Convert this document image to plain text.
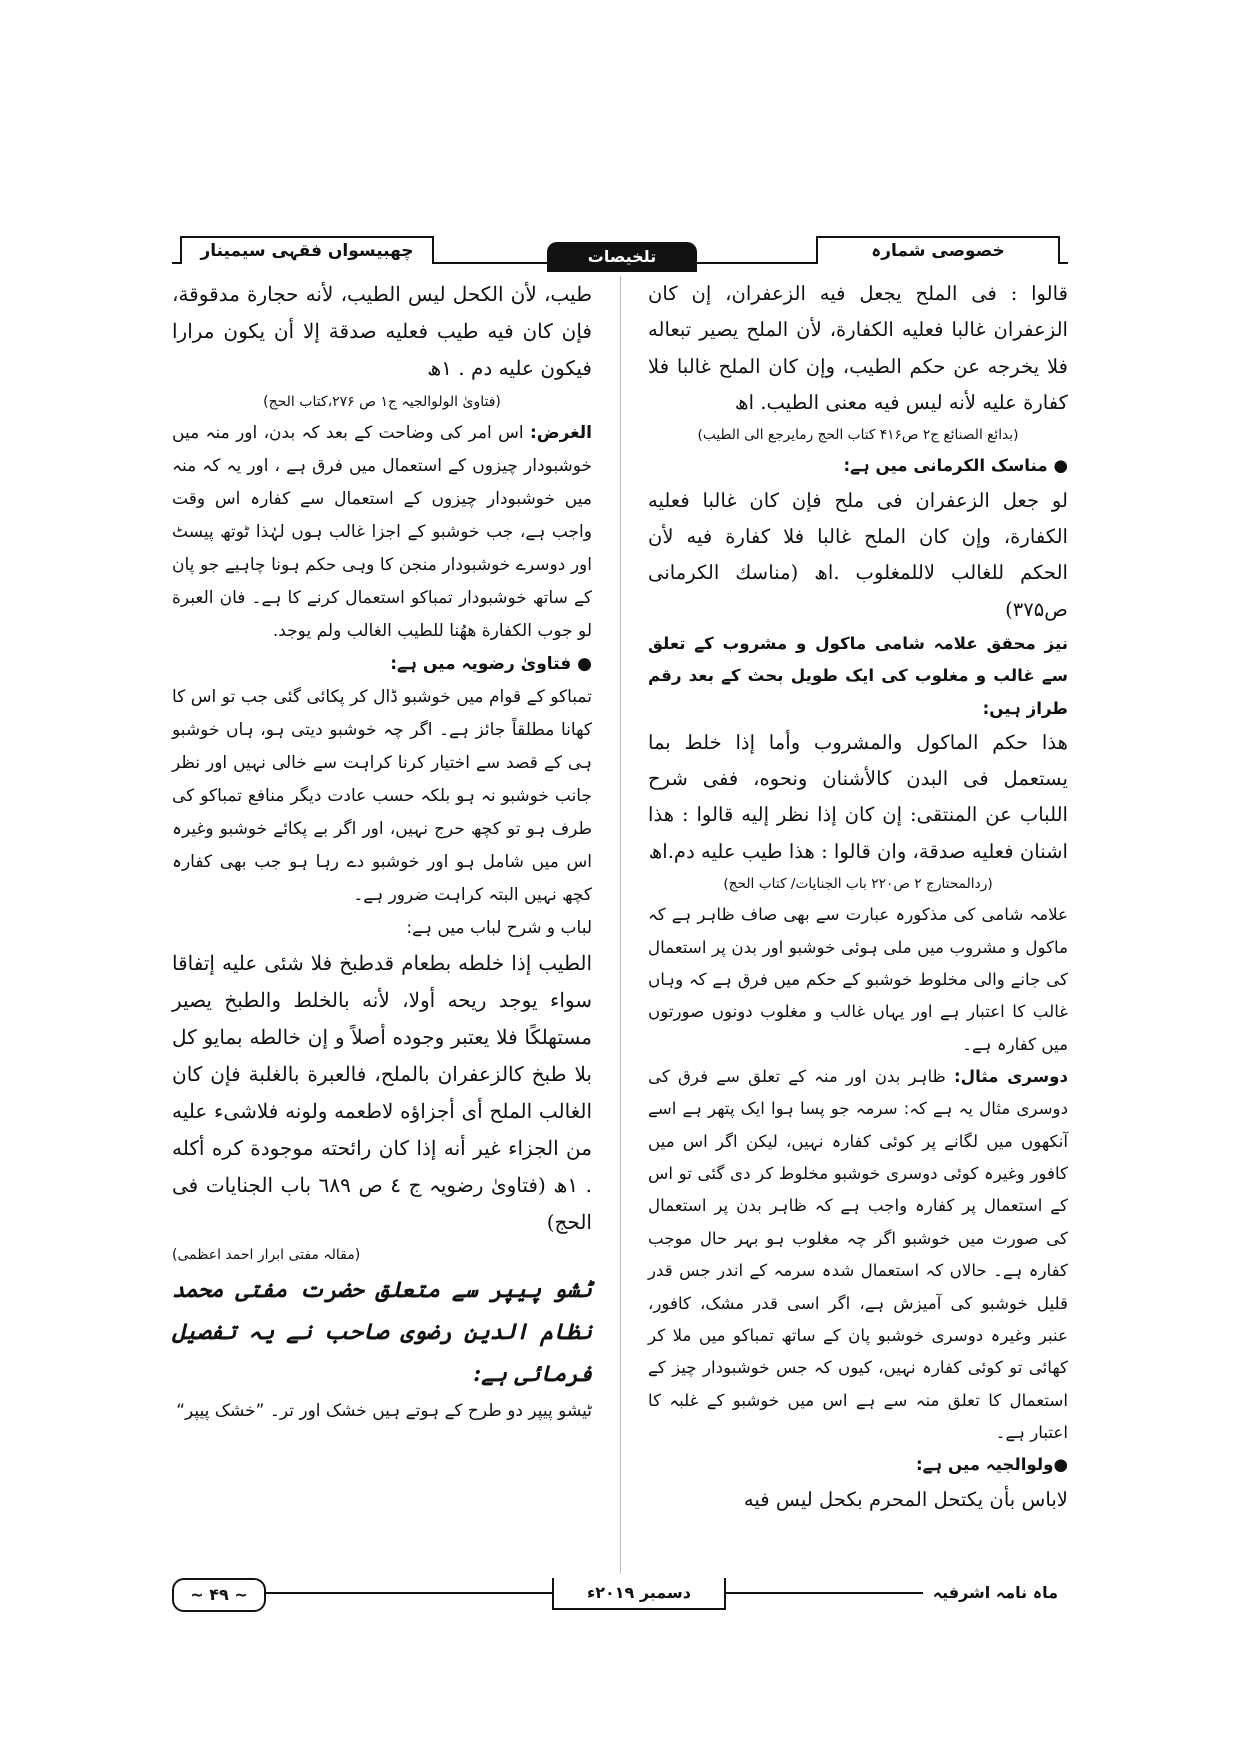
خصوصی شمارہ
تلخیصات
چھبیسواں فقہی سیمینار

قالوا : فی الملح یجعل فیه الزعفران، إن كان الزعفران غالبا فعلیه الكفارة، لأن الملح یصیر تبعاله فلا یخرجه عن حكم الطیب، وإن كان الملح غالبا فلا كفارة علیه لأنه لیس فیه معنی الطیب. اھ

(بدائع الصنائع ج۲ ص۴۱۶ كتاب الحج رمايرجع الى الطيب)

● مناسک الکرمانی میں ہے:

لو جعل الزعفران فی ملح فإن كان غالبا فعلیه الكفارة، وإن كان الملح غالبا فلا كفارة فیه لأن الحكم للغالب لاللمغلوب .اھ (مناسك الكرمانی ص۳۷۵)

نیز محقق علامہ شامی ماکول و مشروب کے تعلق سے غالب و مغلوب کی ایک طویل بحث کے بعد رقم طراز ہیں:

هذا حكم الماكول والمشروب وأما إذا خلط بما یستعمل فی البدن كالأشنان ونحوه، ففی شرح اللباب عن المنتقی: إن كان إذا نظر إلیه قالوا : هذا اشنان فعلیه صدقة، وان قالوا : هذا طیب علیه دم.اھ

(ردالمحتارج ۲ ص۲۲۰ باب الجنایات/ كتاب الحج)

علامہ شامی کی مذکورہ عبارت سے بھی صاف ظاہر ہے کہ ماکول و مشروب میں ملی ہوئی خوشبو اور بدن پر استعمال کی جانے والی مخلوط خوشبو کے حکم میں فرق ہے کہ وہاں غالب کا اعتبار ہے اور یہاں غالب و مغلوب دونوں صورتوں میں کفارہ ہے۔

دوسری مثال: ظاہر بدن اور منہ کے تعلق سے فرق کی دوسری مثال یہ ہے کہ: سرمہ جو پسا ہوا ایک پتھر ہے اسے آنکھوں میں لگانے پر کوئی کفارہ نہیں، لیکن اگر اس میں کافور وغیرہ کوئی دوسری خوشبو مخلوط کر دی گئی تو اس کے استعمال پر کفارہ واجب ہے کہ ظاہر بدن پر استعمال کی صورت میں خوشبو اگر چہ مغلوب ہو بہر حال موجب کفارہ ہے۔ حالاں کہ استعمال شدہ سرمہ کے اندر جس قدر قلیل خوشبو کی آمیزش ہے، اگر اسی قدر مشک، کافور، عنبر وغیرہ دوسری خوشبو پان کے ساتھ تمباکو میں ملا کر کھائی تو کوئی کفارہ نہیں، کیوں کہ جس خوشبودار چیز کے استعمال کا تعلق منہ سے ہے اس میں خوشبو کے غلبہ کا اعتبار ہے۔

●ولوالجیہ میں ہے:

لاباس بأن یكتحل المحرم بكحل لیس فیه

طیب، لأن الكحل لیس الطیب، لأنه حجارة مدقوقة، فإن كان فیه طیب فعلیه صدقة إلا أن یكون مرارا فیكون علیه دم . ١ھ

(فتاویٰ الولوالجیہ ج۱ ص ۲۷۶،کتاب الحج)

الغرض: اس امر کی وضاحت کے بعد کہ بدن، اور منہ میں خوشبودار چیزوں کے استعمال میں فرق ہے ، اور یہ کہ منہ میں خوشبودار چیزوں کے استعمال سے کفارہ اس وقت واجب ہے، جب خوشبو کے اجزا غالب ہوں لہٰذا ٹوتھ پیسٹ اور دوسرے خوشبودار منجن کا وہی حکم ہونا چاہیے جو پان کے ساتھ خوشبودار تمباکو استعمال کرنے کا ہے۔ فان العبرة لو جوب الكفارة ھھُنا للطیب الغالب ولم یوجد.

● فتاویٰ رضویہ میں ہے:

تمباکو کے قوام میں خوشبو ڈال کر پکائی گئی جب تو اس کا کھانا مطلقاً جائز ہے۔ اگر چہ خوشبو دیتی ہو، ہاں خوشبو ہی کے قصد سے اختیار کرنا کراہت سے خالی نہیں اور نظر جانب خوشبو نہ ہو بلکہ حسب عادت دیگر منافع تمباکو کی طرف ہو تو کچھ حرج نہیں، اور اگر بے پکائے خوشبو وغیرہ اس میں شامل ہو اور خوشبو دے رہا ہو جب بھی کفارہ کچھ نہیں البتہ کراہت ضرور ہے۔

لباب و شرح لباب میں ہے:

الطیب إذا خلطه بطعام قدطبخ فلا شئی علیه إتفاقا سواء یوجد ریحه أولا، لأنه بالخلط والطبخ یصیر مستهلكًا فلا یعتبر وجوده أصلاً و إن خالطه بمایو كل بلا طبخ كالزعفران بالملح، فالعبرة بالغلبة فإن كان الغالب الملح أی أجزاؤه لاطعمه ولونه فلاشیء علیه من الجزاء غیر أنه إذا كان رائحته موجودة كره أكله . ١ھ (فتاویٰ رضویہ ج ٤ ص ٦٨٩ باب الجنایات فی الحج)

(مقالہ مفتی ابرار احمد اعظمی)

ٹشو پیپر سے متعلق حضرت مفتی محمد نظام الدین رضوی صاحب نے یہ تفصیل فرمائی ہے:

ٹیشو پیپر دو طرح کے ہوتے ہیں خشک اور تر۔ ”خشک پیپر“

ماہ نامہ اشرفیہ
دسمبر ۲۰۱۹ء
~ ۴۹ ~
